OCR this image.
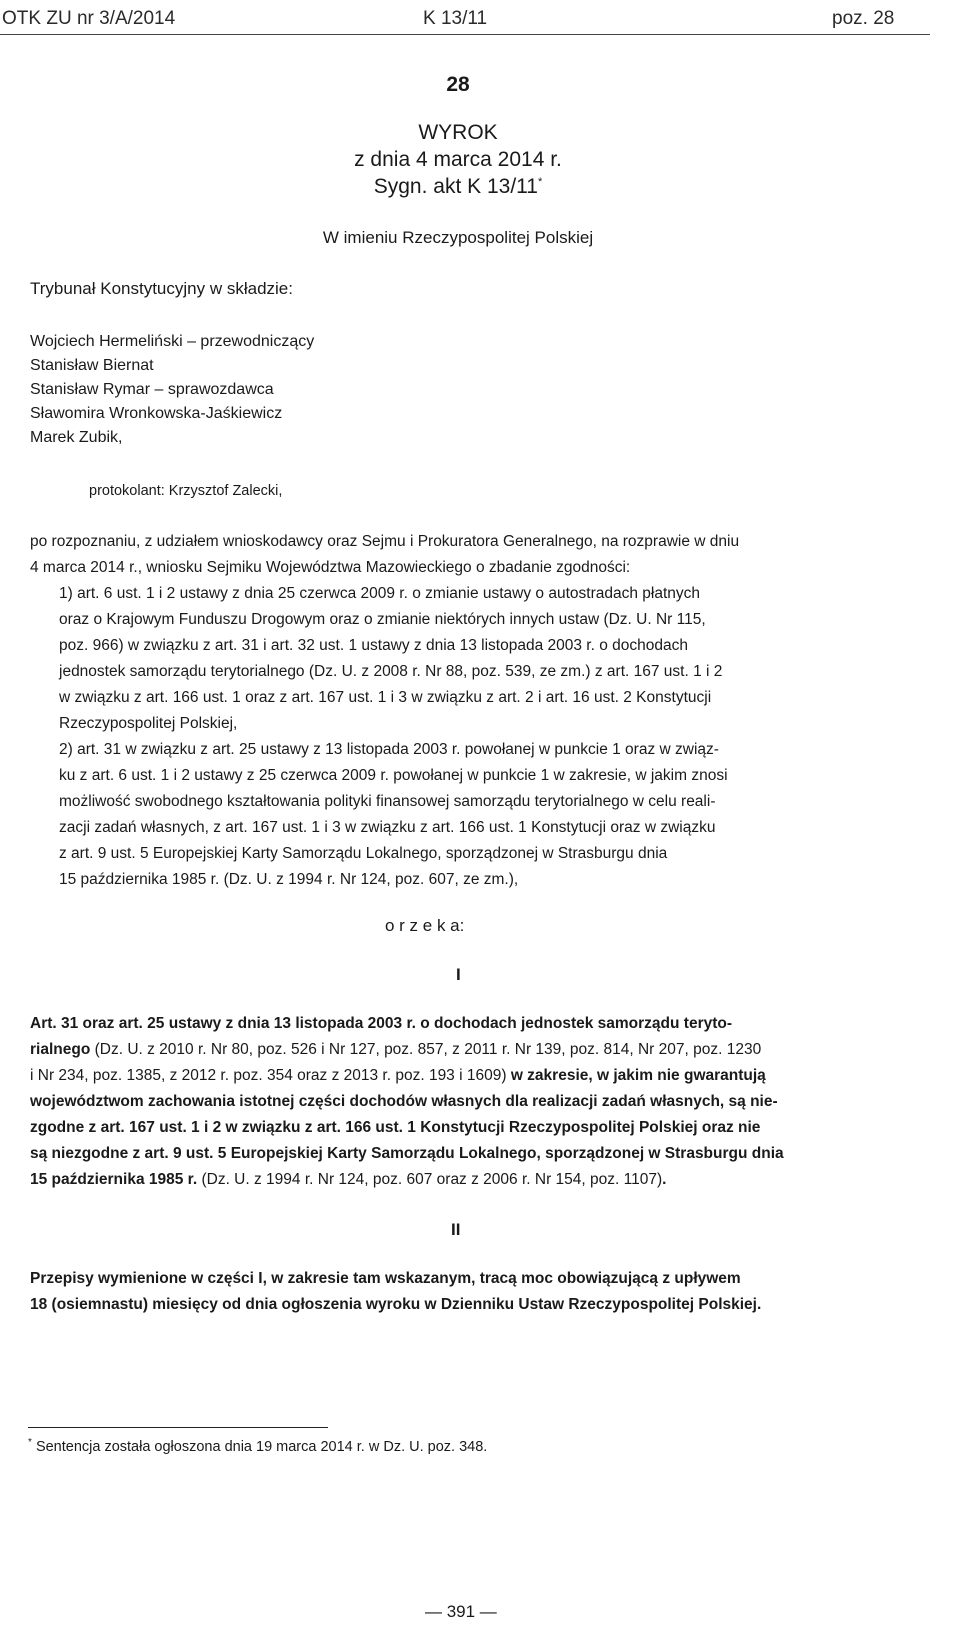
OTK ZU nr 3/A/2014	K 13/11	poz. 28
28
WYROK
z dnia 4 marca 2014 r.
Sygn. akt K 13/11*
W imieniu Rzeczypospolitej Polskiej
Trybunał Konstytucyjny w składzie:
Wojciech Hermeliński – przewodniczący
Stanisław Biernat
Stanisław Rymar – sprawozdawca
Sławomira Wronkowska-Jaśkiewicz
Marek Zubik,
protokolant: Krzysztof Zalecki,
po rozpoznaniu, z udziałem wnioskodawcy oraz Sejmu i Prokuratora Generalnego, na rozprawie w dniu
4 marca 2014 r., wniosku Sejmiku Województwa Mazowieckiego o zbadanie zgodności:
1) art. 6 ust. 1 i 2 ustawy z dnia 25 czerwca 2009 r. o zmianie ustawy o autostradach płatnych
oraz o Krajowym Funduszu Drogowym oraz o zmianie niektórych innych ustaw (Dz. U. Nr 115,
poz. 966) w związku z art. 31 i art. 32 ust. 1 ustawy z dnia 13 listopada 2003 r. o dochodach
jednostek samorządu terytorialnego (Dz. U. z 2008 r. Nr 88, poz. 539, ze zm.) z art. 167 ust. 1 i 2
w związku z art. 166 ust. 1 oraz z art. 167 ust. 1 i 3 w związku z art. 2 i art. 16 ust. 2 Konstytucji
Rzeczypospolitej Polskiej,
2) art. 31 w związku z art. 25 ustawy z 13 listopada 2003 r. powołanej w punkcie 1 oraz w związ-
ku z art. 6 ust. 1 i 2 ustawy z 25 czerwca 2009 r. powołanej w punkcie 1 w zakresie, w jakim znosi
możliwość swobodnego kształtowania polityki finansowej samorządu terytorialnego w celu reali-
zacji zadań własnych, z art. 167 ust. 1 i 3 w związku z art. 166 ust. 1 Konstytucji oraz w związku
z art. 9 ust. 5 Europejskiej Karty Samorządu Lokalnego, sporządzonej w Strasburgu dnia
15 października 1985 r. (Dz. U. z 1994 r. Nr 124, poz. 607, ze zm.),
o r z e k a:
I
Art. 31 oraz art. 25 ustawy z dnia 13 listopada 2003 r. o dochodach jednostek samorządu teryto-
rialnego (Dz. U. z 2010 r. Nr 80, poz. 526 i Nr 127, poz. 857, z 2011 r. Nr 139, poz. 814, Nr 207, poz. 1230
i Nr 234, poz. 1385, z 2012 r. poz. 354 oraz z 2013 r. poz. 193 i 1609) w zakresie, w jakim nie gwarantują
województwom zachowania istotnej części dochodów własnych dla realizacji zadań własnych, są nie-
zgodne z art. 167 ust. 1 i 2 w związku z art. 166 ust. 1 Konstytucji Rzeczypospolitej Polskiej oraz nie
są niezgodne z art. 9 ust. 5 Europejskiej Karty Samorządu Lokalnego, sporządzonej w Strasburgu dnia
15 października 1985 r. (Dz. U. z 1994 r. Nr 124, poz. 607 oraz z 2006 r. Nr 154, poz. 1107).
II
Przepisy wymienione w części I, w zakresie tam wskazanym, tracą moc obowiązującą z upływem
18 (osiemnastu) miesięcy od dnia ogłoszenia wyroku w Dzienniku Ustaw Rzeczypospolitej Polskiej.
* Sentencja została ogłoszona dnia 19 marca 2014 r. w Dz. U. poz. 348.
— 391 —
